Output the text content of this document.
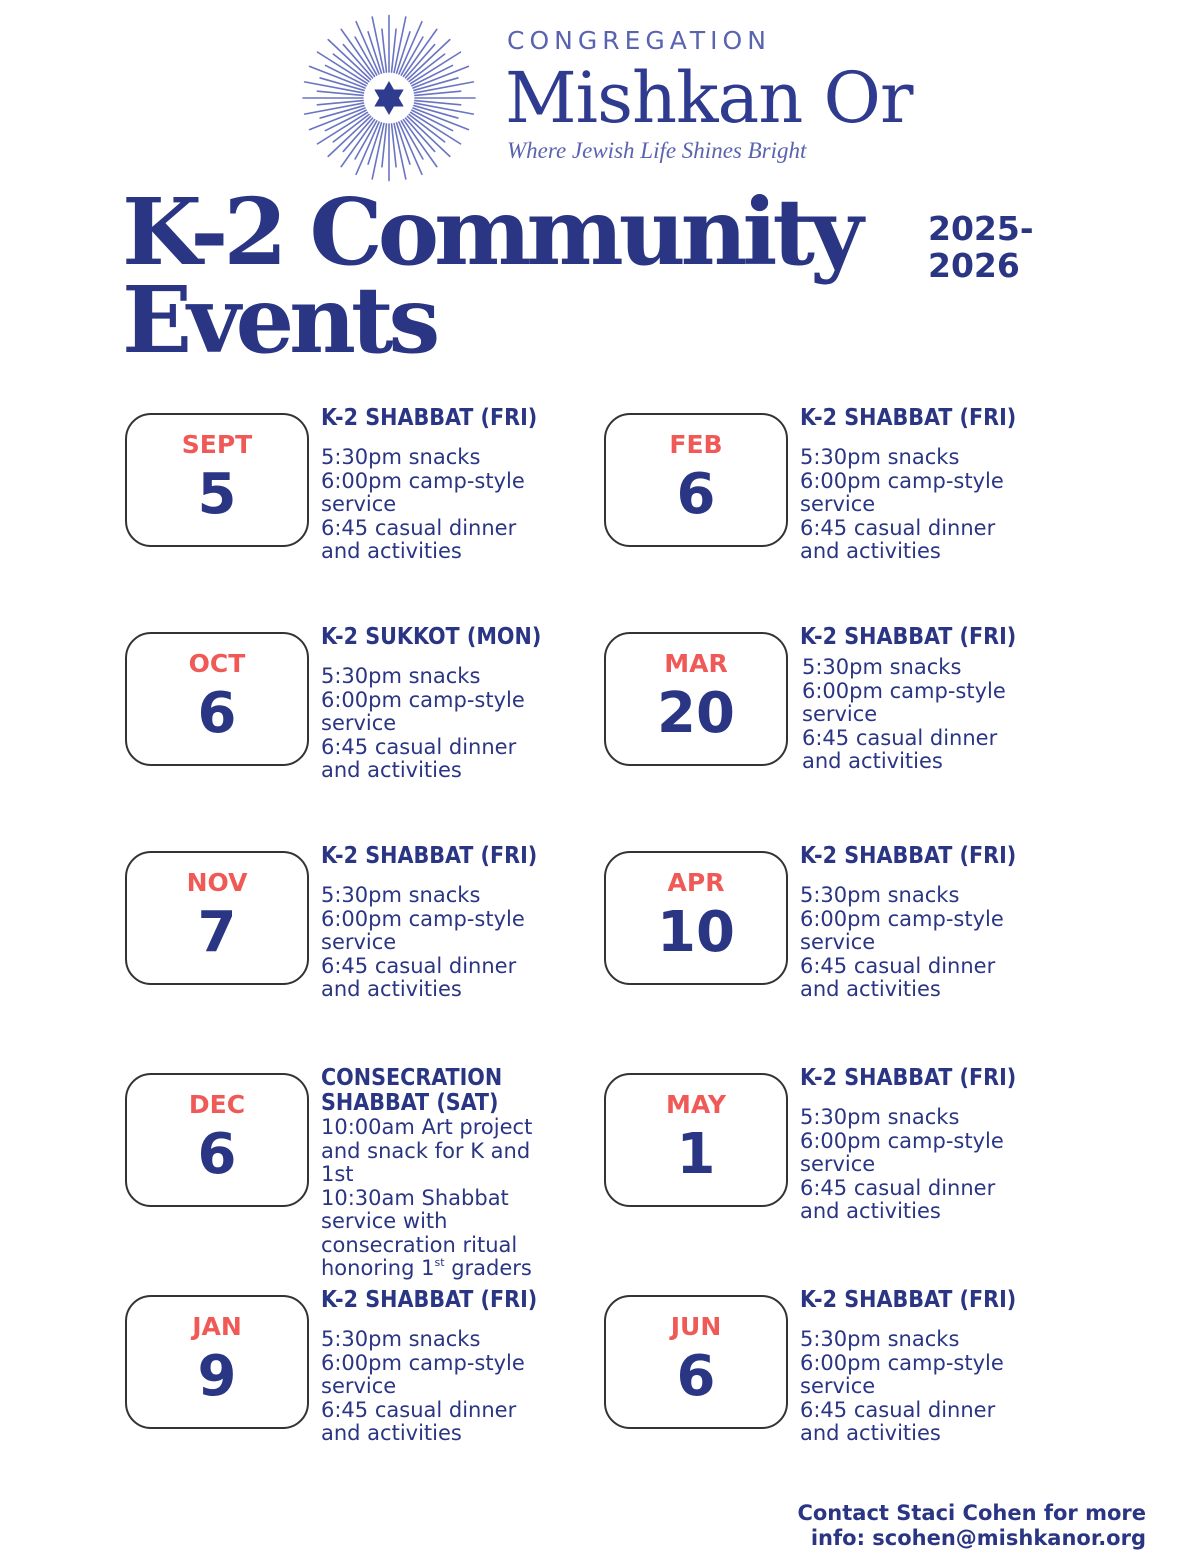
CONGREGATION
Mishkan Or
Where Jewish Life Shines Bright
K-2 Community
Events
2025-
2026
SEPT
5
K-2 SHABBAT (FRI)
5:30pm snacks
6:00pm camp-style
service
6:45 casual dinner
and activities
OCT
6
K-2 SUKKOT (MON)
5:30pm snacks
6:00pm camp-style
service
6:45 casual dinner
and activities
NOV
7
K-2 SHABBAT (FRI)
5:30pm snacks
6:00pm camp-style
service
6:45 casual dinner
and activities
DEC
6
CONSECRATION
SHABBAT (SAT)
10:00am Art project
and snack for K and
1st
10:30am Shabbat
service with
consecration ritual
honoring 1st graders
JAN
9
K-2 SHABBAT (FRI)
5:30pm snacks
6:00pm camp-style
service
6:45 casual dinner
and activities
FEB
6
K-2 SHABBAT (FRI)
5:30pm snacks
6:00pm camp-style
service
6:45 casual dinner
and activities
MAR
20
K-2 SHABBAT (FRI)
5:30pm snacks
6:00pm camp-style
service
6:45 casual dinner
and activities
APR
10
K-2 SHABBAT (FRI)
5:30pm snacks
6:00pm camp-style
service
6:45 casual dinner
and activities
MAY
1
K-2 SHABBAT (FRI)
5:30pm snacks
6:00pm camp-style
service
6:45 casual dinner
and activities
JUN
6
K-2 SHABBAT (FRI)
5:30pm snacks
6:00pm camp-style
service
6:45 casual dinner
and activities
Contact Staci Cohen for more
info: scohen@mishkanor.org
